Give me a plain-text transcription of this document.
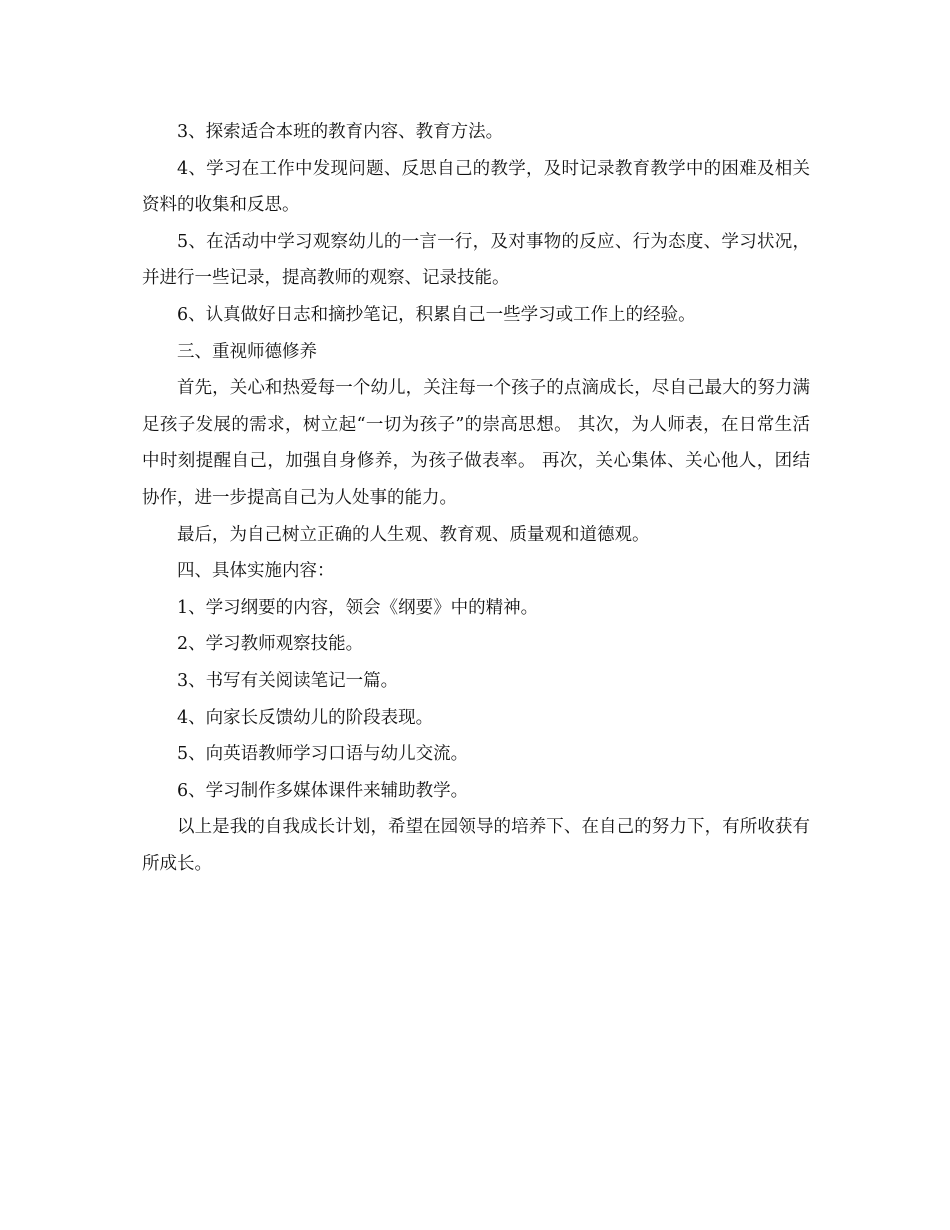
3、探索适合本班的教育内容、教育方法。

4、学习在工作中发现问题、反思自己的教学，及时记录教育教学中的困难及相关资料的收集和反思。

5、在活动中学习观察幼儿的一言一行，及对事物的反应、行为态度、学习状况，并进行一些记录，提高教师的观察、记录技能。

6、认真做好日志和摘抄笔记，积累自己一些学习或工作上的经验。

三、重视师德修养

首先，关心和热爱每一个幼儿，关注每一个孩子的点滴成长，尽自己最大的努力满足孩子发展的需求，树立起“一切为孩子”的崇高思想。 其次，为人师表，在日常生活中时刻提醒自己，加强自身修养，为孩子做表率。 再次，关心集体、关心他人，团结协作，进一步提高自己为人处事的能力。

最后，为自己树立正确的人生观、教育观、质量观和道德观。

四、具体实施内容：

1、学习纲要的内容，领会《纲要》中的精神。

2、学习教师观察技能。

3、书写有关阅读笔记一篇。

4、向家长反馈幼儿的阶段表现。

5、向英语教师学习口语与幼儿交流。

6、学习制作多媒体课件来辅助教学。

以上是我的自我成长计划，希望在园领导的培养下、在自己的努力下，有所收获有所成长。
